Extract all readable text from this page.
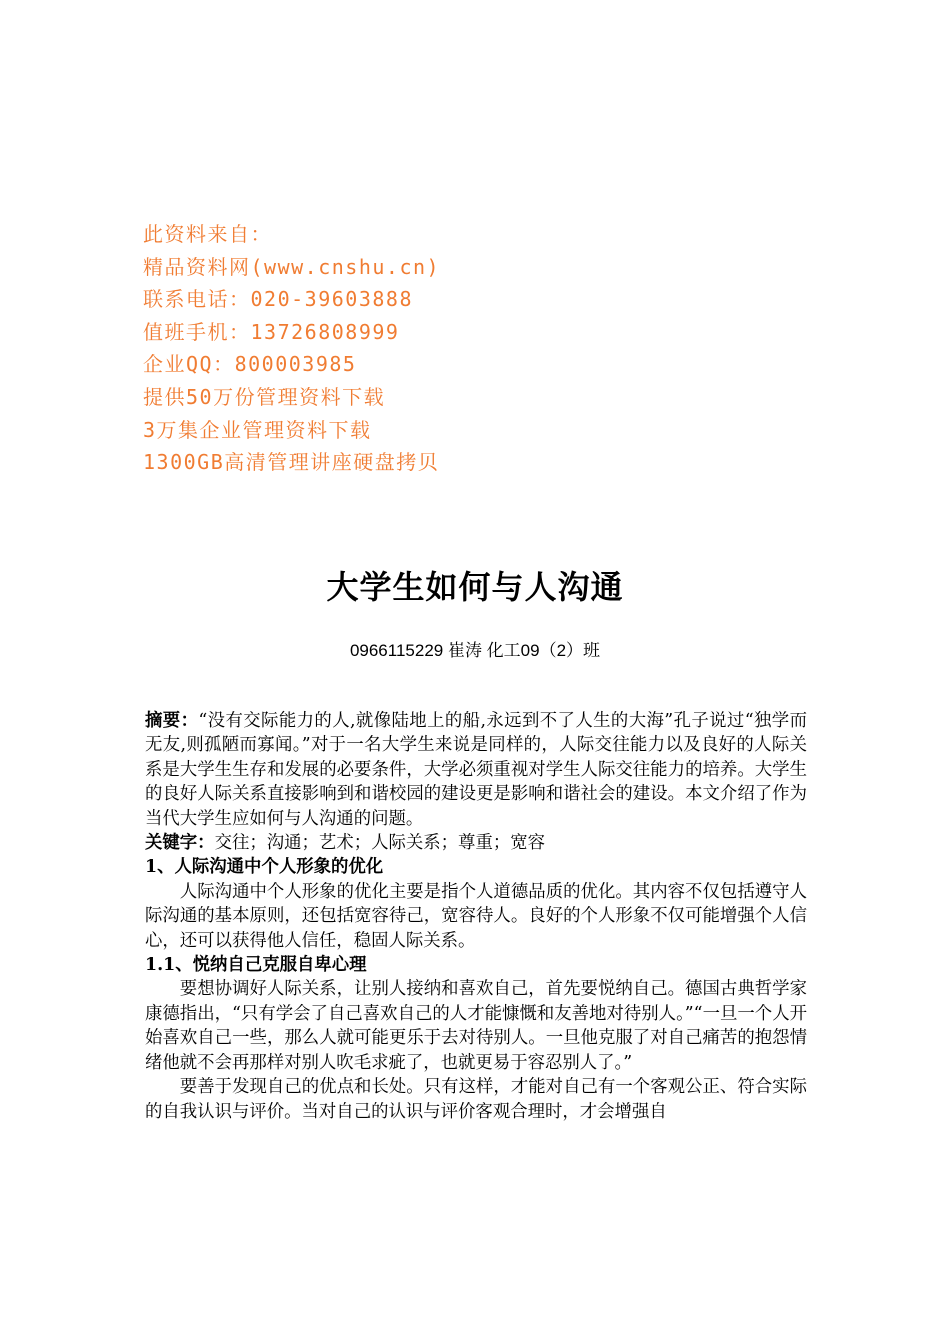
此资料来自：
精品资料网(www.cnshu.cn)
联系电话：020-39603888
值班手机：13726808999
企业QQ：800003985
提供50万份管理资料下载
3万集企业管理资料下载
1300GB高清管理讲座硬盘拷贝
大学生如何与人沟通
0966115229 崔涛 化工09（2）班

摘要：“没有交际能力的人,就像陆地上的船,永远到不了人生的大海”孔子说过“独学而无友,则孤陋而寡闻。”对于一名大学生来说是同样的，人际交往能力以及良好的人际关系是大学生生存和发展的必要条件，大学必须重视对学生人际交往能力的培养。大学生的良好人际关系直接影响到和谐校园的建设更是影响和谐社会的建设。本文介绍了作为当代大学生应如何与人沟通的问题。

关键字：交往；沟通；艺术；人际关系；尊重；宽容

1、人际沟通中个人形象的优化

人际沟通中个人形象的优化主要是指个人道德品质的优化。其内容不仅包括遵守人际沟通的基本原则，还包括宽容待己，宽容待人。良好的个人形象不仅可能增强个人信心，还可以获得他人信任，稳固人际关系。

1.1、悦纳自己克服自卑心理

要想协调好人际关系，让别人接纳和喜欢自己，首先要悦纳自己。德国古典哲学家康德指出，“只有学会了自己喜欢自己的人才能慷慨和友善地对待别人。”“一旦一个人开始喜欢自己一些，那么人就可能更乐于去对待别人。一旦他克服了对自己痛苦的抱怨情绪他就不会再那样对别人吹毛求疵了，也就更易于容忍别人了。”

要善于发现自己的优点和长处。只有这样，才能对自己有一个客观公正、符合实际的自我认识与评价。当对自己的认识与评价客观合理时，才会增强自
